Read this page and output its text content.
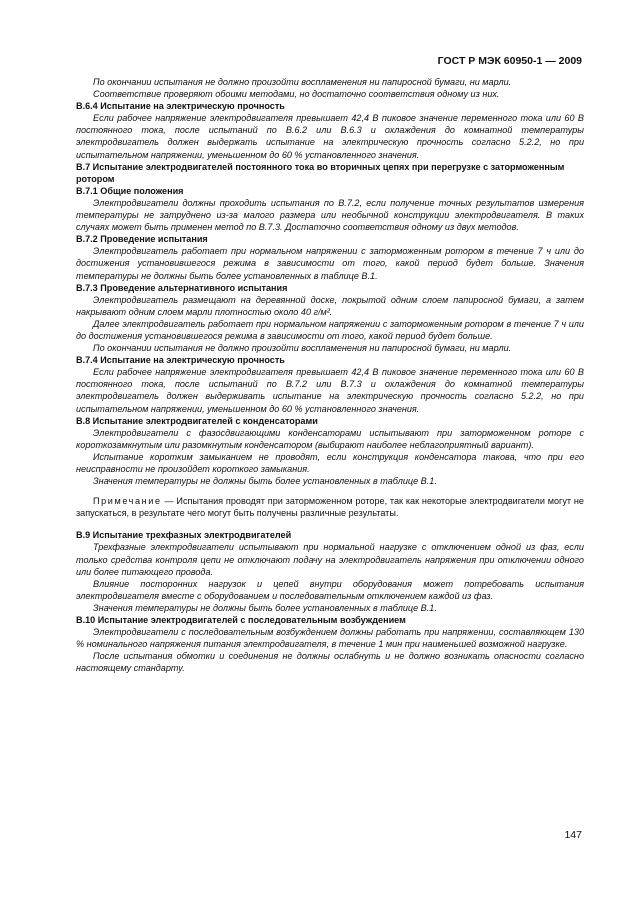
ГОСТ Р МЭК 60950-1 — 2009
По окончании испытания не должно произойти воспламенения ни папиросной бумаги, ни марли.
Соответствие проверяют обоими методами, но достаточно соответствия одному из них.
В.6.4 Испытание на электрическую прочность
Если рабочее напряжение электродвигателя превышает 42,4 В пиковое значение переменного тока или 60 В постоянного тока, после испытаний по В.6.2 или В.6.3 и охлаждения до комнатной температуры электродвигатель должен выдержать испытание на электрическую прочность согласно 5.2.2, но при испытательном напряжении, уменьшенном до 60 % установленного значения.
В.7 Испытание электродвигателей постоянного тока во вторичных цепях при перегрузке с заторможенным ротором
В.7.1 Общие положения
Электродвигатели должны проходить испытания по В.7.2, если получение точных результатов измерения температуры не затруднено из-за малого размера или необычной конструкции электродвигателя. В таких случаях может быть применен метод по В.7.3. Достаточно соответствия одному из двух методов.
В.7.2 Проведение испытания
Электродвигатель работает при нормальном напряжении с заторможенным ротором в течение 7 ч или до достижения установившегося режима в зависимости от того, какой период будет больше. Значения температуры не должны быть более установленных в таблице В.1.
В.7.3 Проведение альтернативного испытания
Электродвигатель размещают на деревянной доске, покрытой одним слоем папиросной бумаги, а затем накрывают одним слоем марли плотностью около 40 г/м².
Далее электродвигатель работает при нормальном напряжении с заторможенным ротором в течение 7 ч или до достижения установившегося режима в зависимости от того, какой период будет больше.
По окончании испытания не должно произойти воспламенения ни папиросной бумаги, ни марли.
В.7.4 Испытание на электрическую прочность
Если рабочее напряжение электродвигателя превышает 42,4 В пиковое значение переменного тока или 60 В постоянного тока, после испытаний по В.7.2 или В.7.3 и охлаждения до комнатной температуры электродвигатель должен выдерживать испытание на электрическую прочность согласно 5.2.2, но при испытательном напряжении, уменьшенном до 60 % установленного значения.
В.8 Испытание электродвигателей с конденсаторами
Электродвигатели с фазосдвигающими конденсаторами испытывают при заторможенном роторе с короткозамкнутым или разомкнутым конденсатором (выбирают наиболее неблагоприятный вариант).
Испытание коротким замыканием не проводят, если конструкция конденсатора такова, что при его неисправности не произойдет короткого замыкания.
Значения температуры не должны быть более установленных в таблице В.1.
Примечание — Испытания проводят при заторможенном роторе, так как некоторые электродвигатели могут не запускаться, в результате чего могут быть получены различные результаты.
В.9 Испытание трехфазных электродвигателей
Трехфазные электродвигатели испытывают при нормальной нагрузке с отключением одной из фаз, если только средства контроля цепи не отключают подачу на электродвигатель напряжения при отключении одного или более питающего провода.
Влияние посторонних нагрузок и цепей внутри оборудования может потребовать испытания электродвигателя вместе с оборудованием и последовательным отключением каждой из фаз.
Значения температуры не должны быть более установленных в таблице В.1.
В.10 Испытание электродвигателей с последовательным возбуждением
Электродвигатели с последовательным возбуждением должны работать при напряжении, составляющем 130 % номинального напряжения питания электродвигателя, в течение 1 мин при наименьшей возможной нагрузке.
После испытания обмотки и соединения не должны ослабнуть и не должно возникать опасности согласно настоящему стандарту.
147
